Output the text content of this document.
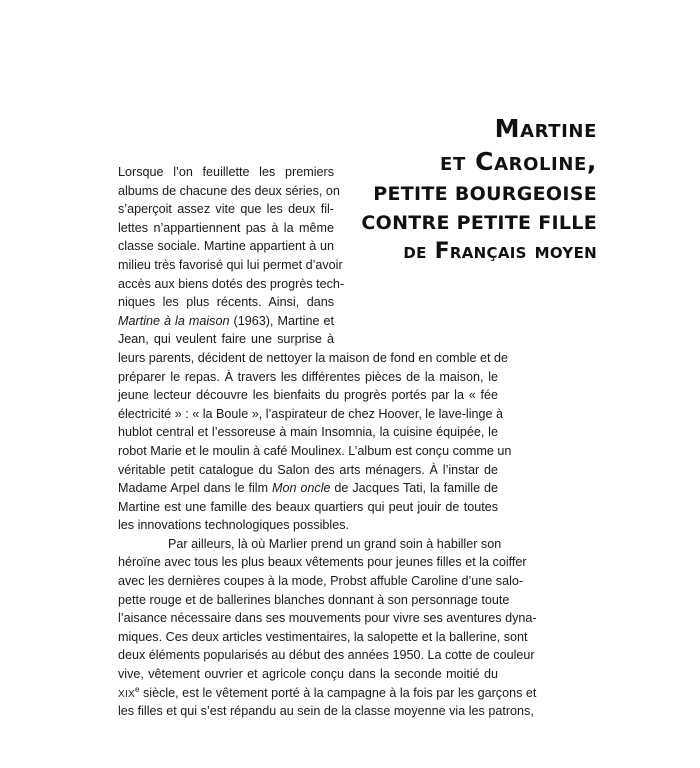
Martine
et Caroline,
PETITE BOURGEOISE
CONTRE PETITE FILLE
de Français moyen
Lorsque l’on feuillette les premiers
albums de chacune des deux séries, on
s’aperçoit assez vite que les deux fil-
lettes n’appartiennent pas à la même
classe sociale. Martine appartient à un
milieu très favorisé qui lui permet d’avoir
accès aux biens dotés des progrès tech-
niques les plus récents. Ainsi, dans
Martine à la maison (1963), Martine et
Jean, qui veulent faire une surprise à
leurs parents, décident de nettoyer la maison de fond en comble et de
préparer le repas. À travers les différentes pièces de la maison, le
jeune lecteur découvre les bienfaits du progrès portés par la « fée
électricité » : « la Boule », l’aspirateur de chez Hoover, le lave-linge à
hublot central et l’essoreuse à main Insomnia, la cuisine équipée, le
robot Marie et le moulin à café Moulinex. L’album est conçu comme un
véritable petit catalogue du Salon des arts ménagers. À l’instar de
Madame Arpel dans le film Mon oncle de Jacques Tati, la famille de
Martine est une famille des beaux quartiers qui peut jouir de toutes
les innovations technologiques possibles.
Par ailleurs, là où Marlier prend un grand soin à habiller son
héroïne avec tous les plus beaux vêtements pour jeunes filles et la coiffer
avec les dernières coupes à la mode, Probst affuble Caroline d’une salo-
pette rouge et de ballerines blanches donnant à son personnage toute
l’aisance nécessaire dans ses mouvements pour vivre ses aventures dyna-
miques. Ces deux articles vestimentaires, la salopette et la ballerine, sont
deux éléments popularisés au début des années 1950. La cotte de couleur
vive, vêtement ouvrier et agricole conçu dans la seconde moitié du
XIXe siècle, est le vêtement porté à la campagne à la fois par les garçons et
les filles et qui s’est répandu au sein de la classe moyenne via les patrons,
